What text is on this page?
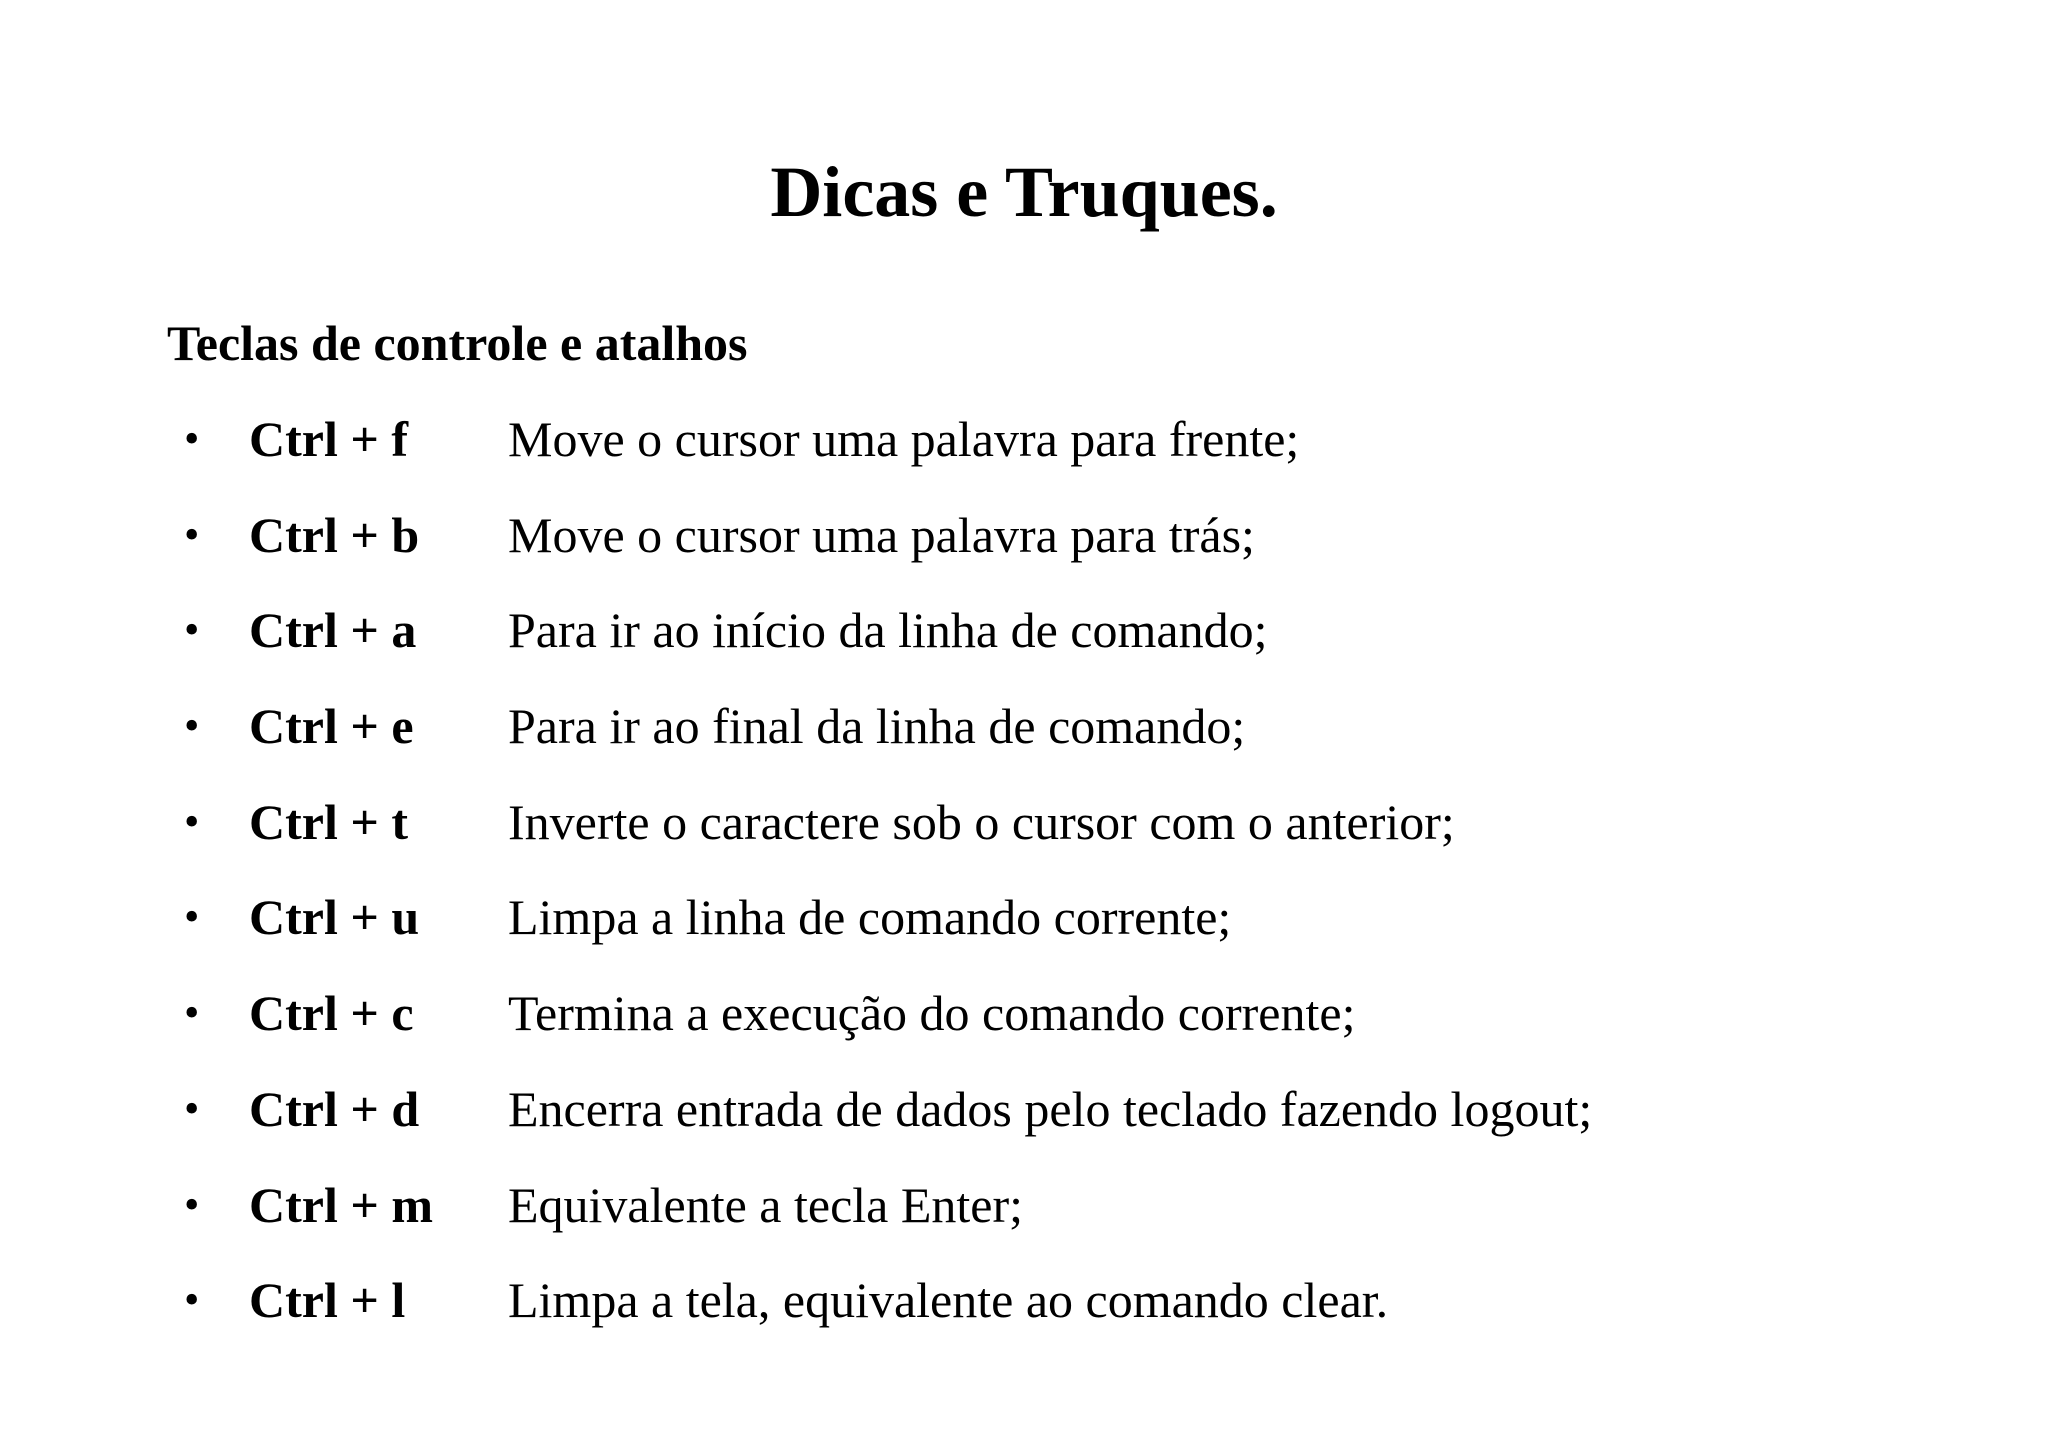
Dicas e Truques.
Teclas de controle e atalhos
• Ctrl + f Move o cursor uma palavra para frente;
• Ctrl + b Move o cursor uma palavra para trás;
• Ctrl + a Para ir ao início da linha de comando;
• Ctrl + e Para ir ao final da linha de comando;
• Ctrl + t Inverte o caractere sob o cursor com o anterior;
• Ctrl + u Limpa a linha de comando corrente;
• Ctrl + c Termina a execução do comando corrente;
• Ctrl + d Encerra entrada de dados pelo teclado fazendo logout;
• Ctrl + m Equivalente a tecla Enter;
• Ctrl + l Limpa a tela, equivalente ao comando clear.
